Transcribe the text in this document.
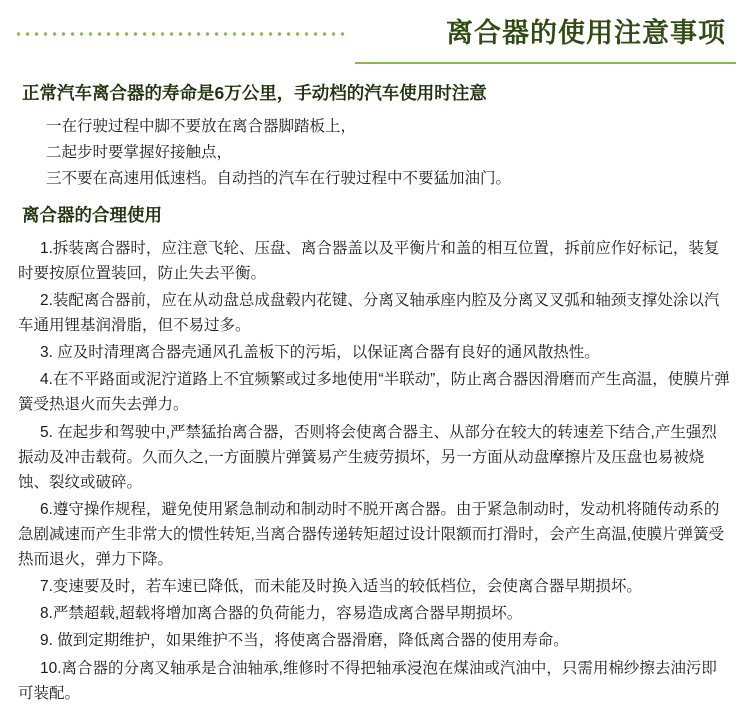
离合器的使用注意事项
正常汽车离合器的寿命是6万公里，手动档的汽车使用时注意

一在行驶过程中脚不要放在离合器脚踏板上，

二起步时要掌握好接触点，

三不要在高速用低速档。自动挡的汽车在行驶过程中不要猛加油门。

离合器的合理使用

1.拆装离合器时，应注意飞轮、压盘、离合器盖以及平衡片和盖的相互位置，拆前应作好标记，装复时要按原位置装回，防止失去平衡。

2.装配离合器前，应在从动盘总成盘毂内花键、分离叉轴承座内腔及分离叉叉弧和轴颈支撑处涂以汽车通用锂基润滑脂，但不易过多。

3. 应及时清理离合器壳通风孔盖板下的污垢，以保证离合器有良好的通风散热性。

4.在不平路面或泥泞道路上不宜频繁或过多地使用“半联动”，防止离合器因滑磨而产生高温，使膜片弹簧受热退火而失去弹力。

5. 在起步和驾驶中,严禁猛抬离合器，否则将会使离合器主、从部分在较大的转速差下结合,产生强烈振动及冲击载荷。久而久之,一方面膜片弹簧易产生疲劳损坏，另一方面从动盘摩擦片及压盘也易被烧蚀、裂纹或破碎。

6.遵守操作规程，避免使用紧急制动和制动时不脱开离合器。由于紧急制动时，发动机将随传动系的急剧减速而产生非常大的惯性转矩,当离合器传递转矩超过设计限额而打滑时，会产生高温,使膜片弹簧受热而退火，弹力下降。

7.变速要及时，若车速已降低，而未能及时换入适当的较低档位，会使离合器早期损坏。

8.严禁超载,超载将增加离合器的负荷能力，容易造成离合器早期损坏。

9. 做到定期维护，如果维护不当，将使离合器滑磨，降低离合器的使用寿命。

10.离合器的分离叉轴承是合油轴承,维修时不得把轴承浸泡在煤油或汽油中，只需用棉纱擦去油污即可装配。
